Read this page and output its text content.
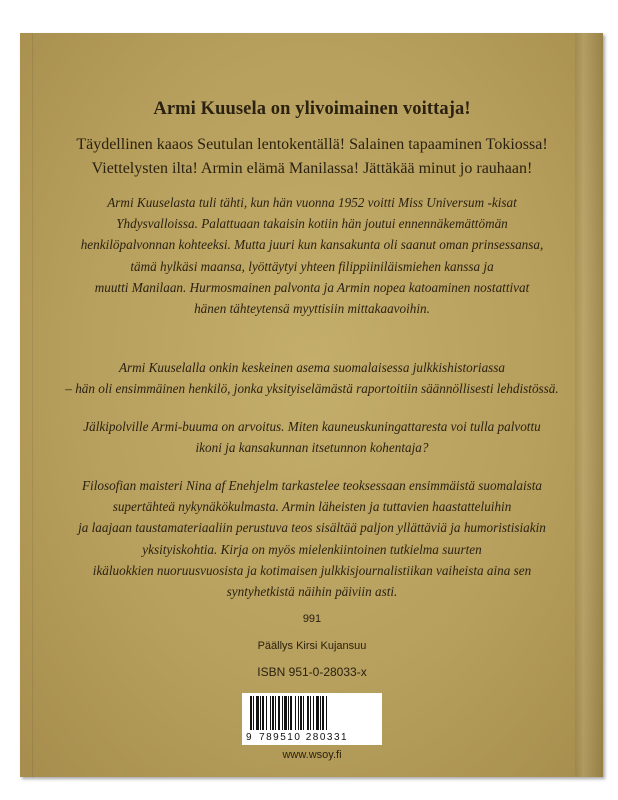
Armi Kuusela on ylivoimainen voittaja!
Täydellinen kaaos Seutulan lentokentällä! Salainen tapaaminen Tokiossa!
Viettelysten ilta! Armin elämä Manilassa! Jättäkää minut jo rauhaan!
Armi Kuuselasta tuli tähti, kun hän vuonna 1952 voitti Miss Universum -kisat
Yhdysvalloissa. Palattuaan takaisin kotiin hän joutui ennennäkemättömän
henkilöpalvonnan kohteeksi. Mutta juuri kun kansakunta oli saanut oman prinsessansa,
tämä hylkäsi maansa, lyöttäytyi yhteen filippiiniläismiehen kanssa ja
muutti Manilaan. Hurmosmainen palvonta ja Armin nopea katoaminen nostattivat
hänen tähteytensä myyttisiin mittakaavoihin.
Armi Kuuselalla onkin keskeinen asema suomalaisessa julkkishistoriassa
– hän oli ensimmäinen henkilö, jonka yksityiselämästä raportoitiin säännöllisesti lehdistössä.
Jälkipolville Armi-buuma on arvoitus. Miten kauneuskuningattaresta voi tulla palvottu
ikoni ja kansakunnan itsetunnon kohentaja?
Filosofian maisteri Nina af Enehjelm tarkastelee teoksessaan ensimmäistä suomalaista
supertähteä nykynäkökulmasta. Armin läheisten ja tuttavien haastatteluihin
ja laajaan taustamateriaaliin perustuva teos sisältää paljon yllättäviä ja humoristisiakin
yksityiskohtia. Kirja on myös mielenkiintoinen tutkielma suurten
ikäluokkien nuoruusvuosista ja kotimaisen julkkisjournalistiikan vaiheista aina sen
syntyhetkistä näihin päiviin asti.
991
Päällys Kirsi Kujansuu
ISBN 951-0-28033-x
9 789510 280331
www.wsoy.fi
